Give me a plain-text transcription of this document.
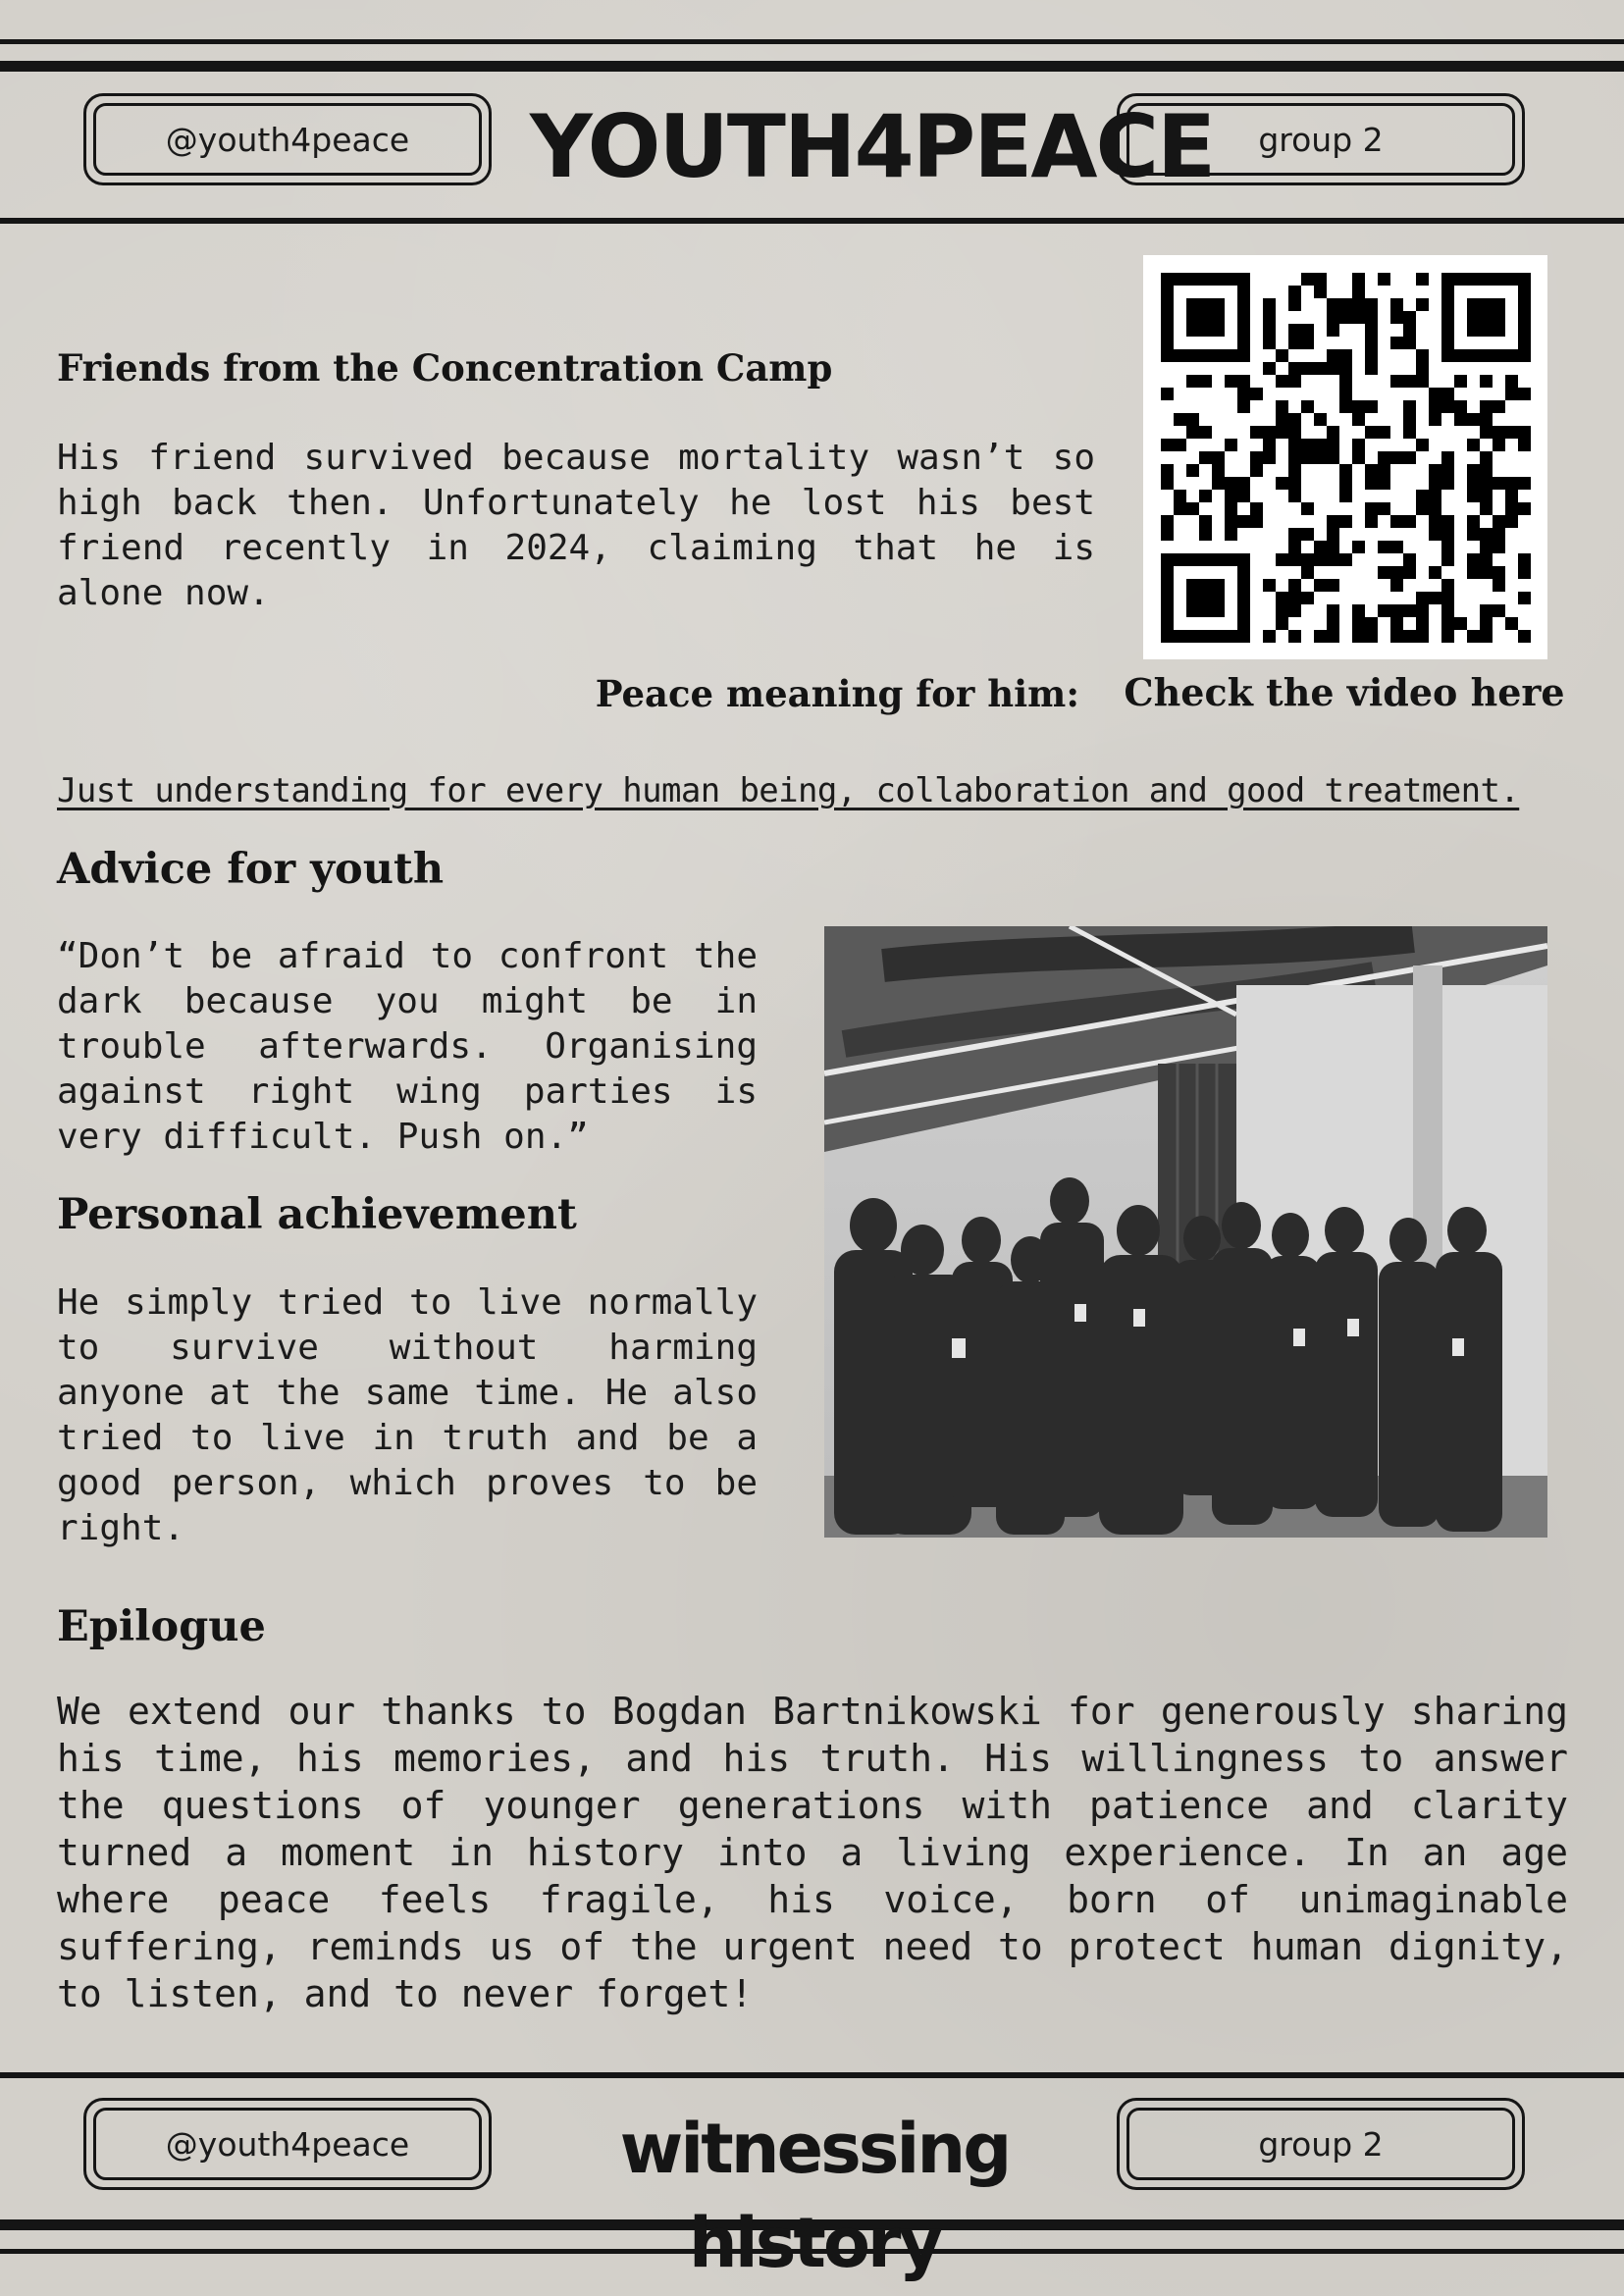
@youth4peace YOUTH4PEACE group 2
Friends from the Concentration Camp

His friend survived because mortality wasn’t so high back then. Unfortunately he lost his best friend recently in 2024, claiming that he is alone now.

Check the video here
Peace meaning for him:
Just understanding for every human being, collaboration and good treatment.
Advice for youth

“Don’t be afraid to confront the dark because you might be in trouble afterwards. Organising against right wing parties is very difficult. Push on.”

Personal achievement

He simply tried to live normally to survive without harming anyone at the same time. He also tried to live in truth and be a good person, which proves to be right.

Epilogue

We extend our thanks to Bogdan Bartnikowski for generously sharing his time, his memories, and his truth. His willingness to answer the questions of younger generations with patience and clarity turned a moment in history into a living experience. In an age where peace feels fragile, his voice, born of unimaginable suffering, reminds us of the urgent need to protect human dignity, to listen, and to never forget!

@youth4peace	witnessing history
group 2
